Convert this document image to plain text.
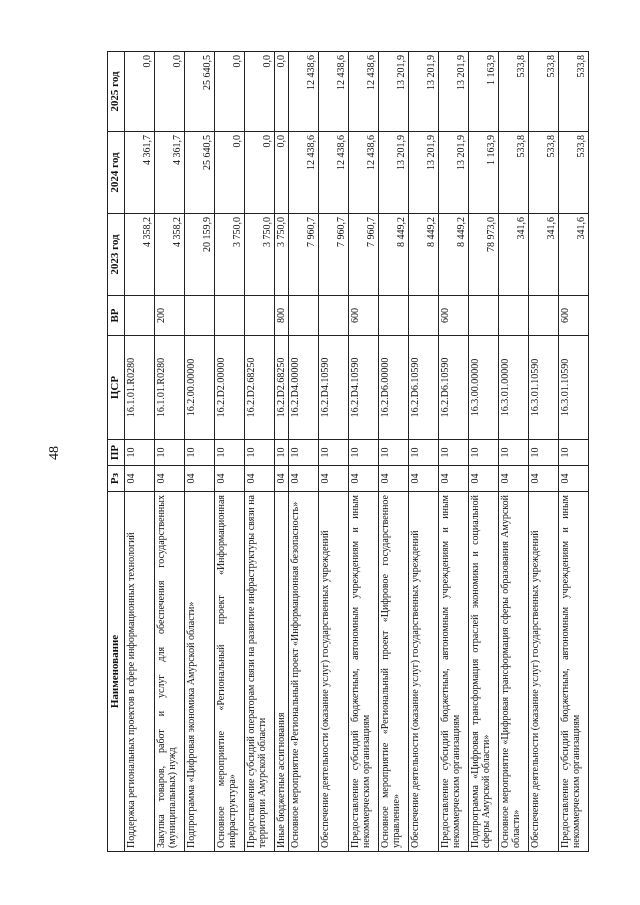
48
Наименование	Рз	ПР	ЦСР	ВР	2023 год	2024 год	2025 год
Поддержка региональных проектов в сфере информационных технологий	04	10	16.1.01.R0280		4 358,2	4 361,7	0,0
Закупка товаров, работ и услуг для обеспечения государственных (муниципальных) нужд	04	10	16.1.01.R0280	200	4 358,2	4 361,7	0,0
Подпрограмма «Цифровая экономика Амурской области»	04	10	16.2.00.00000		20 159,9	25 640,5	25 640,5
Основное мероприятие «Региональный проект «Информационная инфраструктура»	04	10	16.2.D2.00000		3 750,0	0,0	0,0
Предоставление субсидий операторам связи на развитие инфраструктуры связи на территории Амурской области	04	10	16.2.D2.68250		3 750,0	0,0	0,0
Иные бюджетные ассигнования	04	10	16.2.D2.68250	800	3 750,0	0,0	0,0
Основное мероприятие «Региональный проект «Информационная безопасность»	04	10	16.2.D4.00000		7 960,7	12 438,6	12 438,6
Обеспечение деятельности (оказание услуг) государственных учреждений	04	10	16.2.D4.10590		7 960,7	12 438,6	12 438,6
Предоставление субсидий бюджетным, автономным учреждениям и иным некоммерческим организациям	04	10	16.2.D4.10590	600	7 960,7	12 438,6	12 438,6
Основное мероприятие «Региональный проект «Цифровое государственное управление»	04	10	16.2.D6.00000		8 449,2	13 201,9	13 201,9
Обеспечение деятельности (оказание услуг) государственных учреждений	04	10	16.2.D6.10590		8 449,2	13 201,9	13 201,9
Предоставление субсидий бюджетным, автономным учреждениям и иным некоммерческим организациям	04	10	16.2.D6.10590	600	8 449,2	13 201,9	13 201,9
Подпрограмма «Цифровая трансформация отраслей экономики и социальной сферы Амурской области»	04	10	16.3.00.00000		78 973,0	1 163,9	1 163,9
Основное мероприятие «Цифровая трансформация сферы образования Амурской области»	04	10	16.3.01.00000		341,6	533,8	533,8
Обеспечение деятельности (оказание услуг) государственных учреждений	04	10	16.3.01.10590		341,6	533,8	533,8
Предоставление субсидий бюджетным, автономным учреждениям и иным некоммерческим организациям	04	10	16.3.01.10590	600	341,6	533,8	533,8
